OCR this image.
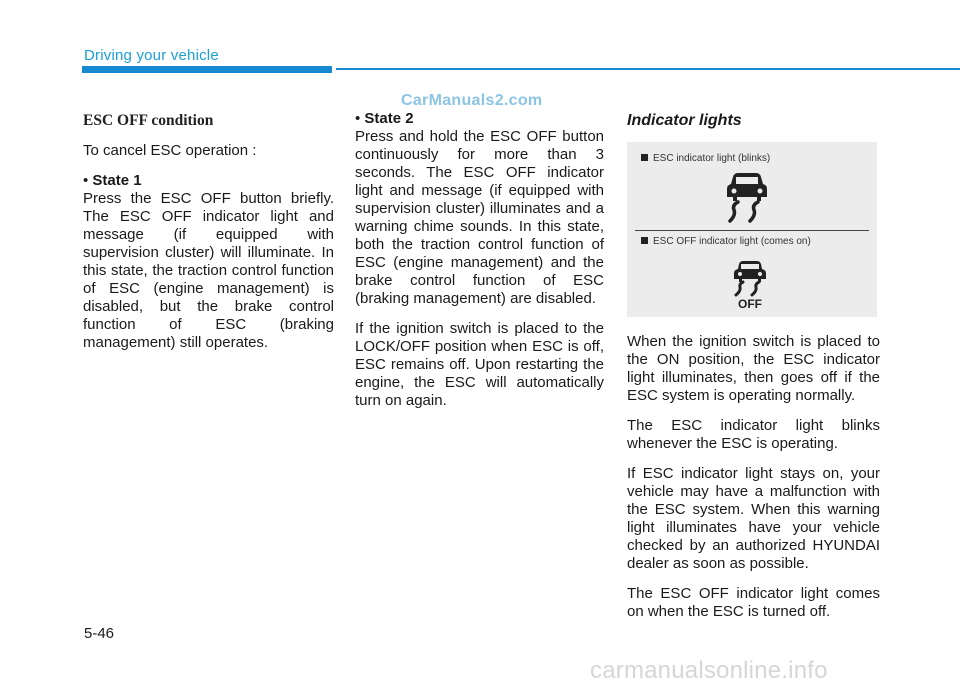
Driving your vehicle
CarManuals2.com
ESC OFF condition

To cancel ESC operation :

• State 1

Press the ESC OFF button briefly. The ESC OFF indicator light and message (if equipped with supervision cluster) will illuminate. In this state, the traction control function of ESC (engine management) is disabled, but the brake control function of ESC (braking management) still operates.

• State 2

Press and hold the ESC OFF button continuously for more than 3 seconds. The ESC OFF indicator light and message (if equipped with supervision cluster) illuminates and a warning chime sounds. In this state, both the traction control function of ESC (engine management) and the brake control function of ESC (braking management) are disabled.

If the ignition switch is placed to the LOCK/OFF position when ESC is off, ESC remains off. Upon restarting the engine, the ESC will automatically turn on again.

Indicator lights
ESC indicator light (blinks)
ESC OFF indicator light (comes on)
OFF

When the ignition switch is placed to the ON position, the ESC indicator light illuminates, then goes off if the ESC system is operating normally.

The ESC indicator light blinks whenever the ESC is operating.

If ESC indicator light stays on, your vehicle may have a malfunction with the ESC system. When this warning light illuminates have your vehicle checked by an authorized HYUNDAI dealer as soon as possible.

The ESC OFF indicator light comes on when the ESC is turned off.

5-46
carmanualsonline.info
